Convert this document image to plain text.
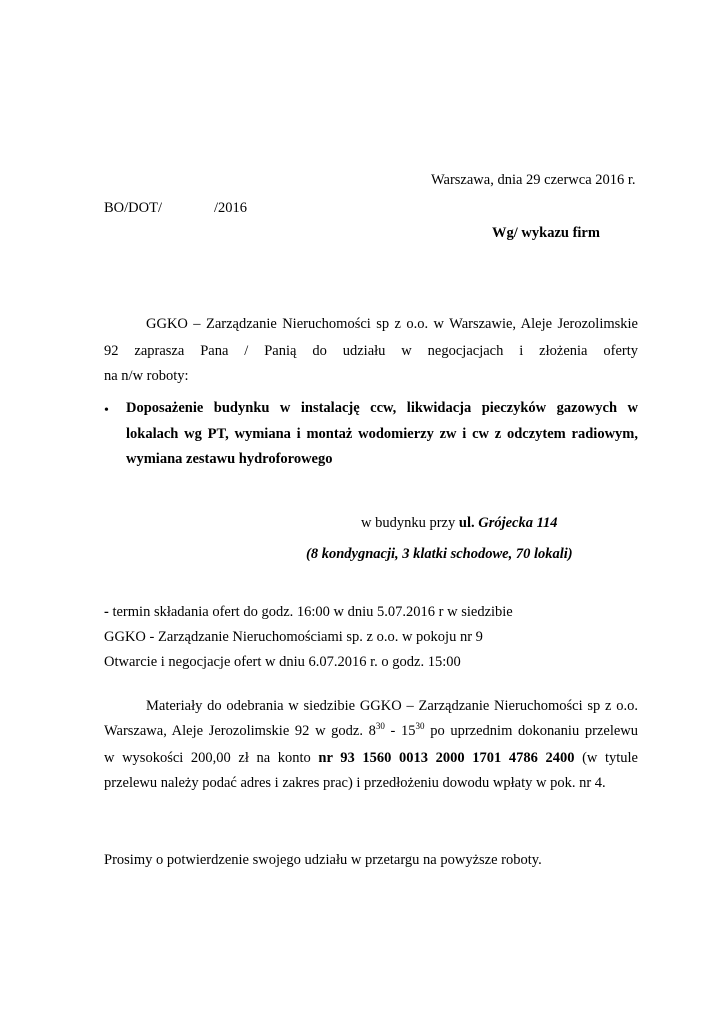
Warszawa, dnia 29 czerwca 2016 r.
BO/DOT/	/2016
Wg/ wykazu firm
GGKO – Zarządzanie Nieruchomości sp z o.o. w Warszawie, Aleje Jerozolimskie
92 zaprasza Pana / Panią do udziału w negocjacjach i złożenia oferty
na n/w roboty:
• Doposażenie budynku w instalację ccw, likwidacja pieczyków gazowych w
lokalach wg PT, wymiana i montaż wodomierzy zw i cw z odczytem radiowym,
wymiana zestawu hydroforowego
w budynku przy ul. Grójecka 114
(8 kondygnacji, 3 klatki schodowe, 70 lokali)
- termin składania ofert do godz. 16:00 w dniu 5.07.2016 r w siedzibie
GGKO - Zarządzanie Nieruchomościami sp. z o.o. w pokoju nr 9
Otwarcie i negocjacje ofert w dniu 6.07.2016 r. o godz. 15:00
Materiały do odebrania w siedzibie GGKO – Zarządzanie Nieruchomości sp z o.o.
Warszawa, Aleje Jerozolimskie 92 w godz. $8^{30} - 15^{30}$ po uprzednim dokonaniu przelewu
w wysokości 200,00 zł na konto nr 93 1560 0013 2000 1701 4786 2400 (w tytule
przelewu należy podać adres i zakres prac) i przedłożeniu dowodu wpłaty w pok. nr 4.
Prosimy o potwierdzenie swojego udziału w przetargu na powyższe roboty.
